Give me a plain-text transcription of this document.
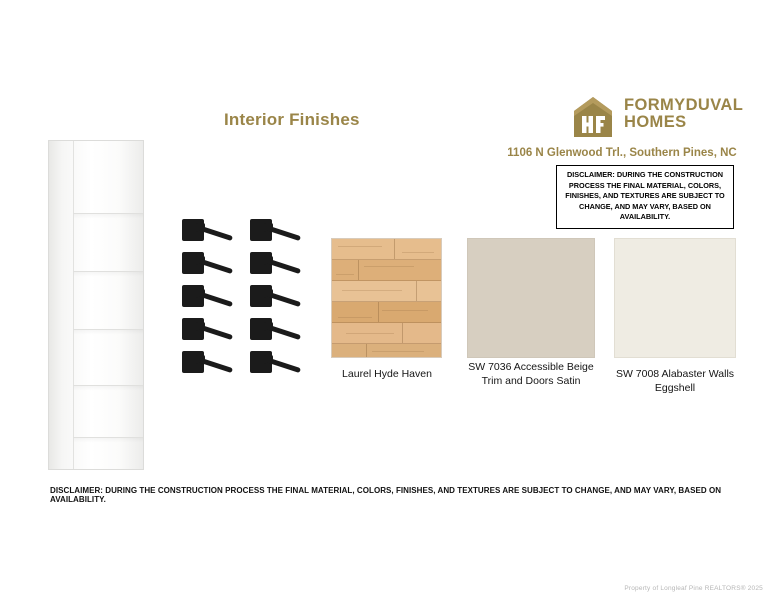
Interior Finishes
FORMYDUVAL
HOMES
1106 N Glenwood Trl., Southern Pines, NC
DISCLAIMER: DURING THE CONSTRUCTION PROCESS THE FINAL MATERIAL, COLORS, FINISHES, AND TEXTURES ARE SUBJECT TO CHANGE, AND MAY VARY, BASED ON AVAILABILITY.
Laurel Hyde Haven
SW 7036 Accessible Beige
Trim and Doors Satin
SW 7008 Alabaster Walls
Eggshell
DISCLAIMER: DURING THE CONSTRUCTION PROCESS THE FINAL MATERIAL, COLORS, FINISHES, AND TEXTURES ARE SUBJECT TO CHANGE, AND MAY VARY, BASED ON AVAILABILITY.
Property of Longleaf Pine REALTORS® 2025
